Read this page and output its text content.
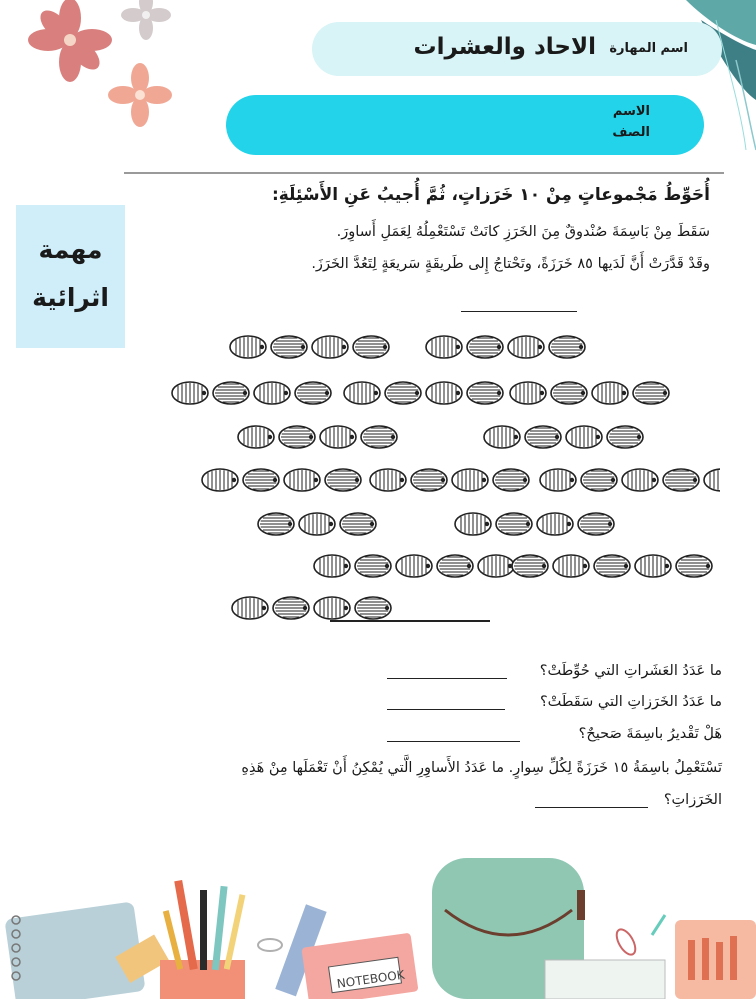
اسم المهارة
الاحاد والعشرات
الاسم
الصف
مهمة
اثرائية
أُحَوِّطُ مَجْموعاتٍ مِنْ ١٠ خَرَزاتٍ، ثُمَّ أُجيبُ عَنِ الأَسْئِلَةِ:
سَقَطَ مِنْ بَاسِمَةَ صُنْدوقٌ مِنَ الخَرَزِ كانَتْ تَسْتَعْمِلُهُ لِعَمَلِ أَساوِرَ.
وقَدْ قَدَّرَتْ أَنَّ لَدَيها ٨٥ خَرَزَةً، وتَحْتاجُ إِلى طَريقَةٍ سَريعَةٍ لِتَعُدَّ الخَرَزَ.
ما عَدَدُ العَشَراتِ التي حُوِّطَتْ؟
ما عَدَدُ الخَرَزاتِ التي سَقَطَتْ؟
هَلْ تَقْديرُ باسِمَةَ صَحيحٌ؟
تَسْتَعْمِلُ باسِمَةُ ١٥ خَرَزَةً لِكُلِّ سِوارٍ. ما عَدَدُ الأَساوِرِ الَّتي يُمْكِنُ أَنْ تَعْمَلَها مِنْ هَذِهِ
الخَرَزاتِ؟
NOTEBOOK
